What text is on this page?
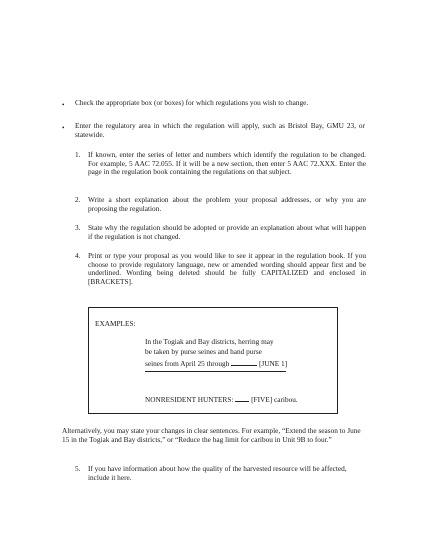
• Check the appropriate box (or boxes) for which regulations you wish to change.
• Enter the regulatory area in which the regulation will apply, such as Bristol Bay, GMU 23, or statewide.
1. If known, enter the series of letter and numbers which identify the regulation to be changed. For example, 5 AAC 72.055. If it will be a new section, then enter 5 AAC 72.XXX. Enter the page in the regulation book containing the regulations on that subject.
2. Write a short explanation about the problem your proposal addresses, or why you are proposing the regulation.
3. State why the regulation should be adopted or provide an explanation about what will happen if the regulation is not changed.
4. Print or type your proposal as you would like to see it appear in the regulation book. If you choose to provide regulatory language, new or amended wording should appear first and be underlined. Wording being deleted should be fully CAPITALIZED and enclosed in [BRACKETS].
EXAMPLES:
In the Togiak and Bay districts, herring may
be taken by purse seines and hand purse
seines from April 25 through	[JUNE 1]
NONRESIDENT HUNTERS: [FIVE] caribou.
Alternatively, you may state your changes in clear sentences. For example, “Extend the season to June 15 in the Togiak and Bay districts,” or “Reduce the bag limit for caribou in Unit 9B to four.”
5. If you have information about how the quality of the harvested resource will be affected, include it here.
